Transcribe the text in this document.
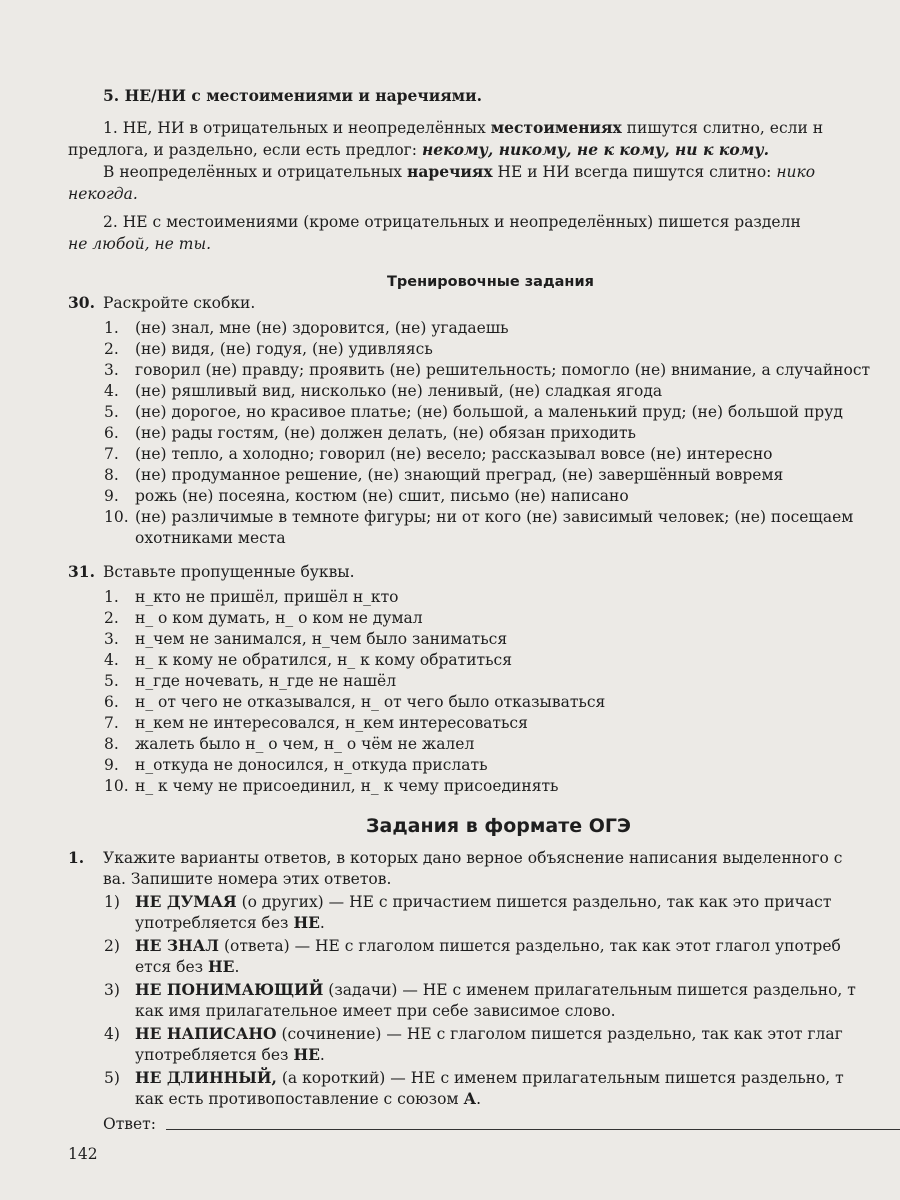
5. НЕ/НИ с местоимениями и наречиями.
1. НЕ, НИ в отрицательных и неопределённых местоимениях пишутся слитно, если н
предлога, и раздельно, если есть предлог: некому, никому, не к кому, ни к кому.
В неопределённых и отрицательных наречиях НЕ и НИ всегда пишутся слитно: нико
некогда.
2. НЕ с местоимениями (кроме отрицательных и неопределённых) пишется разделн
не любой, не ты.
Тренировочные задания
30. Раскройте скобки.
1. (не) знал, мне (не) здоровится, (не) угадаешь
2. (не) видя, (не) годуя, (не) удивляясь
3. говорил (не) правду; проявить (не) решительность; помогло (не) внимание, а случайност
4. (не) ряшливый вид, нисколько (не) ленивый, (не) сладкая ягода
5. (не) дорогое, но красивое платье; (не) большой, а маленький пруд; (не) большой пруд
6. (не) рады гостям, (не) должен делать, (не) обязан приходить
7. (не) тепло, а холодно; говорил (не) весело; рассказывал вовсе (не) интересно
8. (не) продуманное решение, (не) знающий преград, (не) завершённый вовремя
9. рожь (не) посеяна, костюм (не) сшит, письмо (не) написано
10. (не) различимые в темноте фигуры; ни от кого (не) зависимый человек; (не) посещаем
охотниками места
31. Вставьте пропущенные буквы.
1. н_кто не пришёл, пришёл н_кто
2. н_ о ком думать, н_ о ком не думал
3. н_чем не занимался, н_чем было заниматься
4. н_ к кому не обратился, н_ к кому обратиться
5. н_где ночевать, н_где не нашёл
6. н_ от чего не отказывался, н_ от чего было отказываться
7. н_кем не интересовался, н_кем интересоваться
8. жалеть было н_ о чем, н_ о чём не жалел
9. н_откуда не доносился, н_откуда прислать
10. н_ к чему не присоединил, н_ к чему присоединять
Задания в формате ОГЭ
1. Укажите варианты ответов, в которых дано верное объяснение написания выделенного с
ва. Запишите номера этих ответов.
1) НЕ ДУМАЯ (о других) — НЕ с причастием пишется раздельно, так как это причаст
употребляется без НЕ.
2) НЕ ЗНАЛ (ответа) — НЕ с глаголом пишется раздельно, так как этот глагол употреб
ется без НЕ.
3) НЕ ПОНИМАЮЩИЙ (задачи) — НЕ с именем прилагательным пишется раздельно, т
как имя прилагательное имеет при себе зависимое слово.
4) НЕ НАПИСАНО (сочинение) — НЕ с глаголом пишется раздельно, так как этот глаг
употребляется без НЕ.
5) НЕ ДЛИННЫЙ, (а короткий) — НЕ с именем прилагательным пишется раздельно, т
как есть противопоставление с союзом А.
Ответ:
142
